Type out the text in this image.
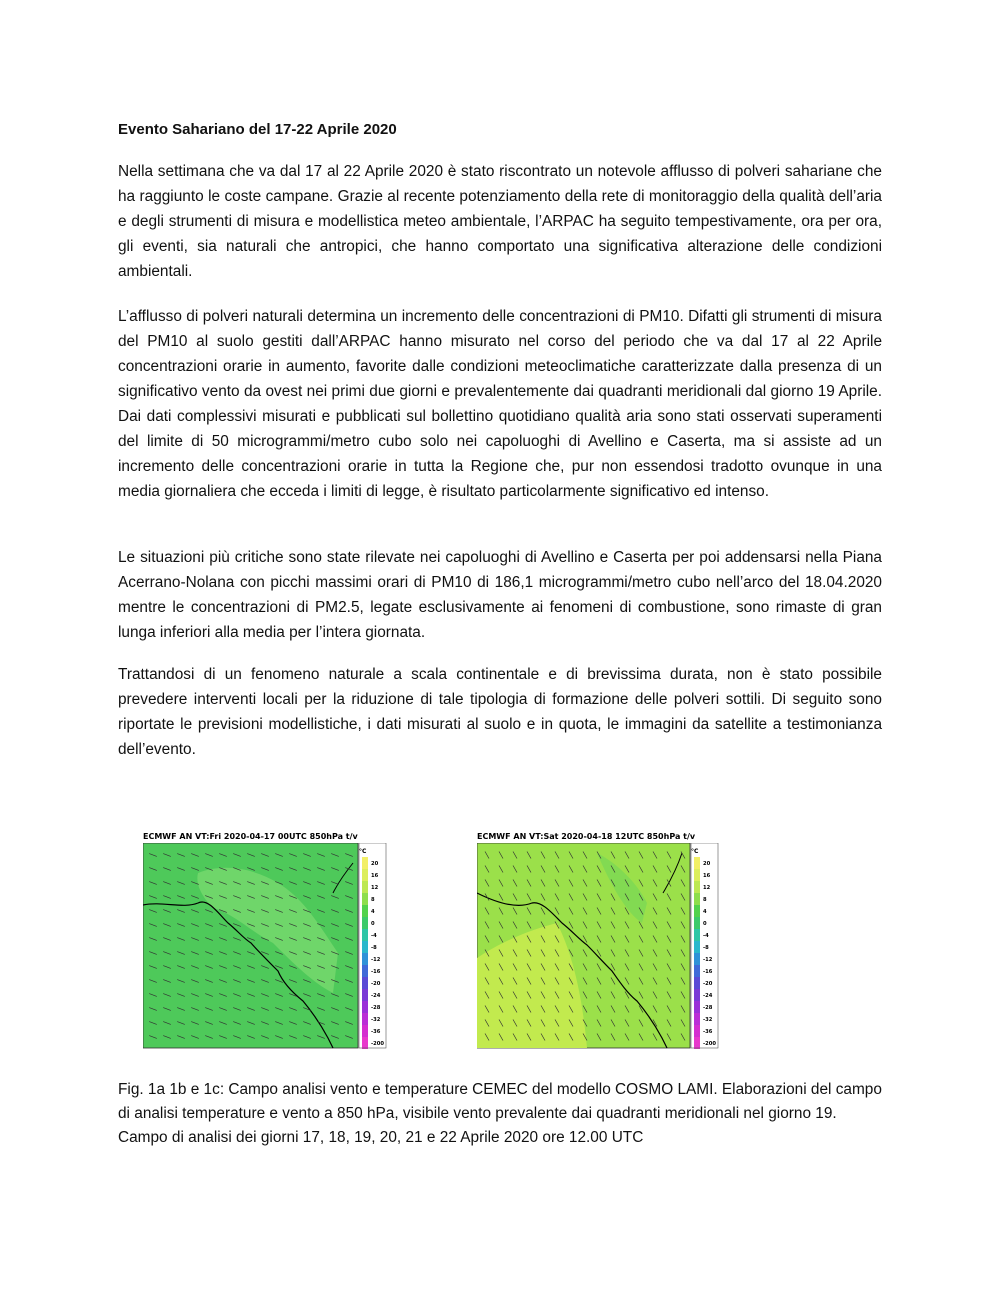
Evento Sahariano del 17-22 Aprile 2020

Nella settimana che va dal 17 al 22 Aprile 2020 è stato riscontrato un notevole afflusso di polveri sahariane che ha raggiunto le coste campane. Grazie al recente potenziamento della rete di monitoraggio della qualità dell’aria e degli strumenti di misura e modellistica meteo ambientale, l’ARPAC ha seguito tempestivamente, ora per ora, gli eventi, sia naturali che antropici, che hanno comportato una significativa alterazione delle condizioni ambientali.

L’afflusso di polveri naturali determina un incremento delle concentrazioni di PM10. Difatti gli strumenti di misura del PM10 al suolo gestiti dall’ARPAC hanno misurato nel corso del periodo che va dal 17 al 22 Aprile concentrazioni orarie in aumento, favorite dalle condizioni meteoclimatiche caratterizzate dalla presenza di un significativo vento da ovest nei primi due giorni e prevalentemente dai quadranti meridionali dal giorno 19 Aprile. Dai dati complessivi misurati e pubblicati sul bollettino quotidiano qualità aria sono stati osservati superamenti del limite di 50 microgrammi/metro cubo solo nei capoluoghi di Avellino e Caserta, ma si assiste ad un incremento delle concentrazioni orarie in tutta la Regione che, pur non essendosi tradotto ovunque in una media giornaliera che ecceda i limiti di legge, è risultato particolarmente significativo ed intenso.

Le situazioni più critiche sono state rilevate nei capoluoghi di Avellino e Caserta per poi addensarsi nella Piana Acerrano-Nolana con picchi massimi orari di PM10 di 186,1 microgrammi/metro cubo nell’arco del 18.04.2020 mentre le concentrazioni di PM2.5, legate esclusivamente ai fenomeni di combustione, sono rimaste di gran lunga inferiori alla media per l’intera giornata.

Trattandosi di un fenomeno naturale a scala continentale e di brevissima durata, non è stato possibile prevedere interventi locali per la riduzione di tale tipologia di formazione delle polveri sottili. Di seguito sono riportate le previsioni modellistiche, i dati misurati al suolo e in quota, le immagini da satellite a testimonianza dell’evento.

ECMWF AN VT:Fri 2020-04-17 00UTC 850hPa t/v
20
16
12
8
4
0
-4
-8
-12
-16
-20
-24
-28
-32
-36
-200
°C
ECMWF AN VT:Sat 2020-04-18 12UTC 850hPa t/v
20
16
12
8
4
0
-4
-8
-12
-16
-20
-24
-28
-32
-36
-200
°C

Fig. 1a 1b e 1c: Campo analisi vento e temperature CEMEC del modello COSMO LAMI. Elaborazioni del campo di analisi temperature e vento a 850 hPa, visibile vento prevalente dai quadranti meridionali nel giorno 19. Campo di analisi dei giorni 17, 18, 19, 20, 21 e 22 Aprile 2020 ore 12.00 UTC
